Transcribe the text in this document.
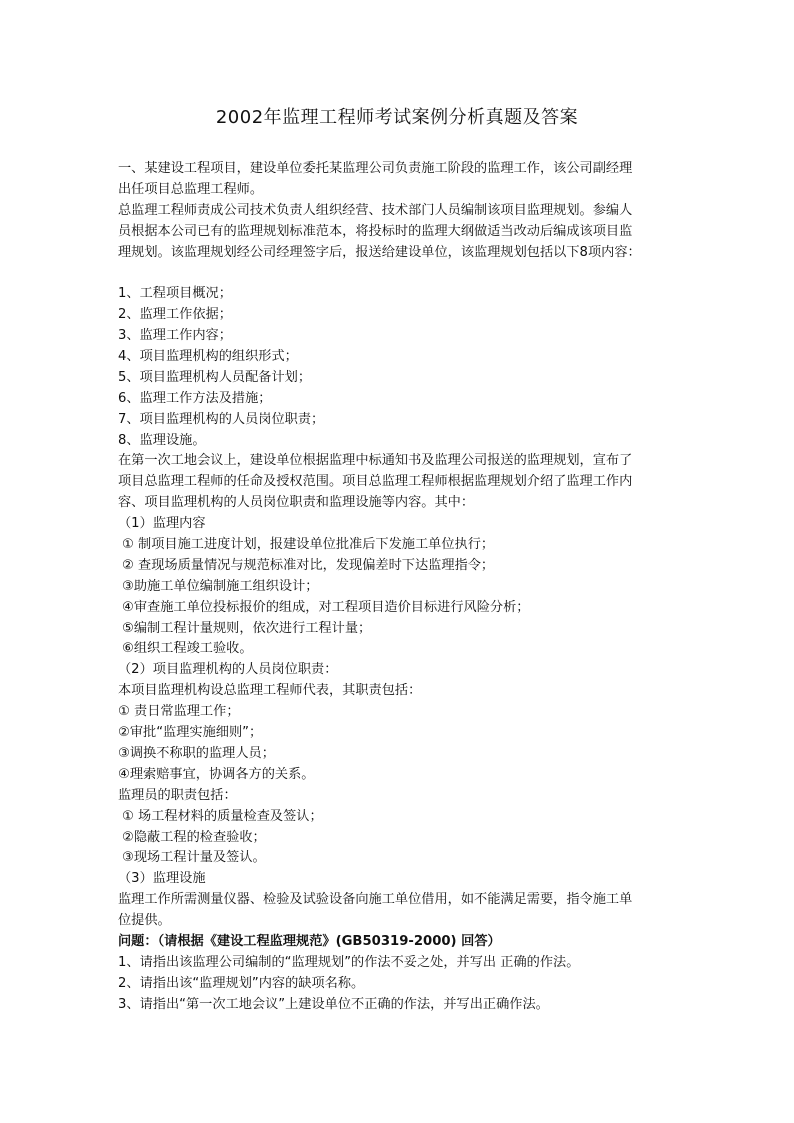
2002年监理工程师考试案例分析真题及答案
一、某建设工程项目，建设单位委托某监理公司负责施工阶段的监理工作，该公司副经理
出任项目总监理工程师。
总监理工程师责成公司技术负责人组织经营、技术部门人员编制该项目监理规划。参编人
员根据本公司已有的监理规划标准范本，将投标时的监理大纲做适当改动后编成该项目监
理规划。该监理规划经公司经理签字后，报送给建设单位，该监理规划包括以下8项内容：
1、工程项目概况；
2、监理工作依据；
3、监理工作内容；
4、项目监理机构的组织形式；
5、项目监理机构人员配备计划；
6、监理工作方法及措施；
7、项目监理机构的人员岗位职责；
8、监理设施。
在第一次工地会议上，建设单位根据监理中标通知书及监理公司报送的监理规划，宣布了
项目总监理工程师的任命及授权范围。项目总监理工程师根据监理规划介绍了监理工作内
容、项目监理机构的人员岗位职责和监理设施等内容。其中：
（1）监理内容
① 制项目施工进度计划，报建设单位批准后下发施工单位执行；
② 查现场质量情况与规范标准对比，发现偏差时下达监理指令；
③助施工单位编制施工组织设计；
④审查施工单位投标报价的组成，对工程项目造价目标进行风险分析；
⑤编制工程计量规则，依次进行工程计量；
⑥组织工程竣工验收。
（2）项目监理机构的人员岗位职责：
本项目监理机构设总监理工程师代表，其职责包括：
① 责日常监理工作；
②审批“监理实施细则”；
③调换不称职的监理人员；
④理索赔事宜，协调各方的关系。
监理员的职责包括：
① 场工程材料的质量检查及签认；
②隐蔽工程的检查验收；
③现场工程计量及签认。
（3）监理设施
监理工作所需测量仪器、检验及试验设备向施工单位借用，如不能满足需要，指令施工单
位提供。
问题：（请根据《建设工程监理规范》(GB50319-2000) 回答）
1、请指出该监理公司编制的“监理规划”的作法不妥之处，并写出 正确的作法。
2、请指出该“监理规划”内容的缺项名称。
3、请指出“第一次工地会议”上建设单位不正确的作法，并写出正确作法。
